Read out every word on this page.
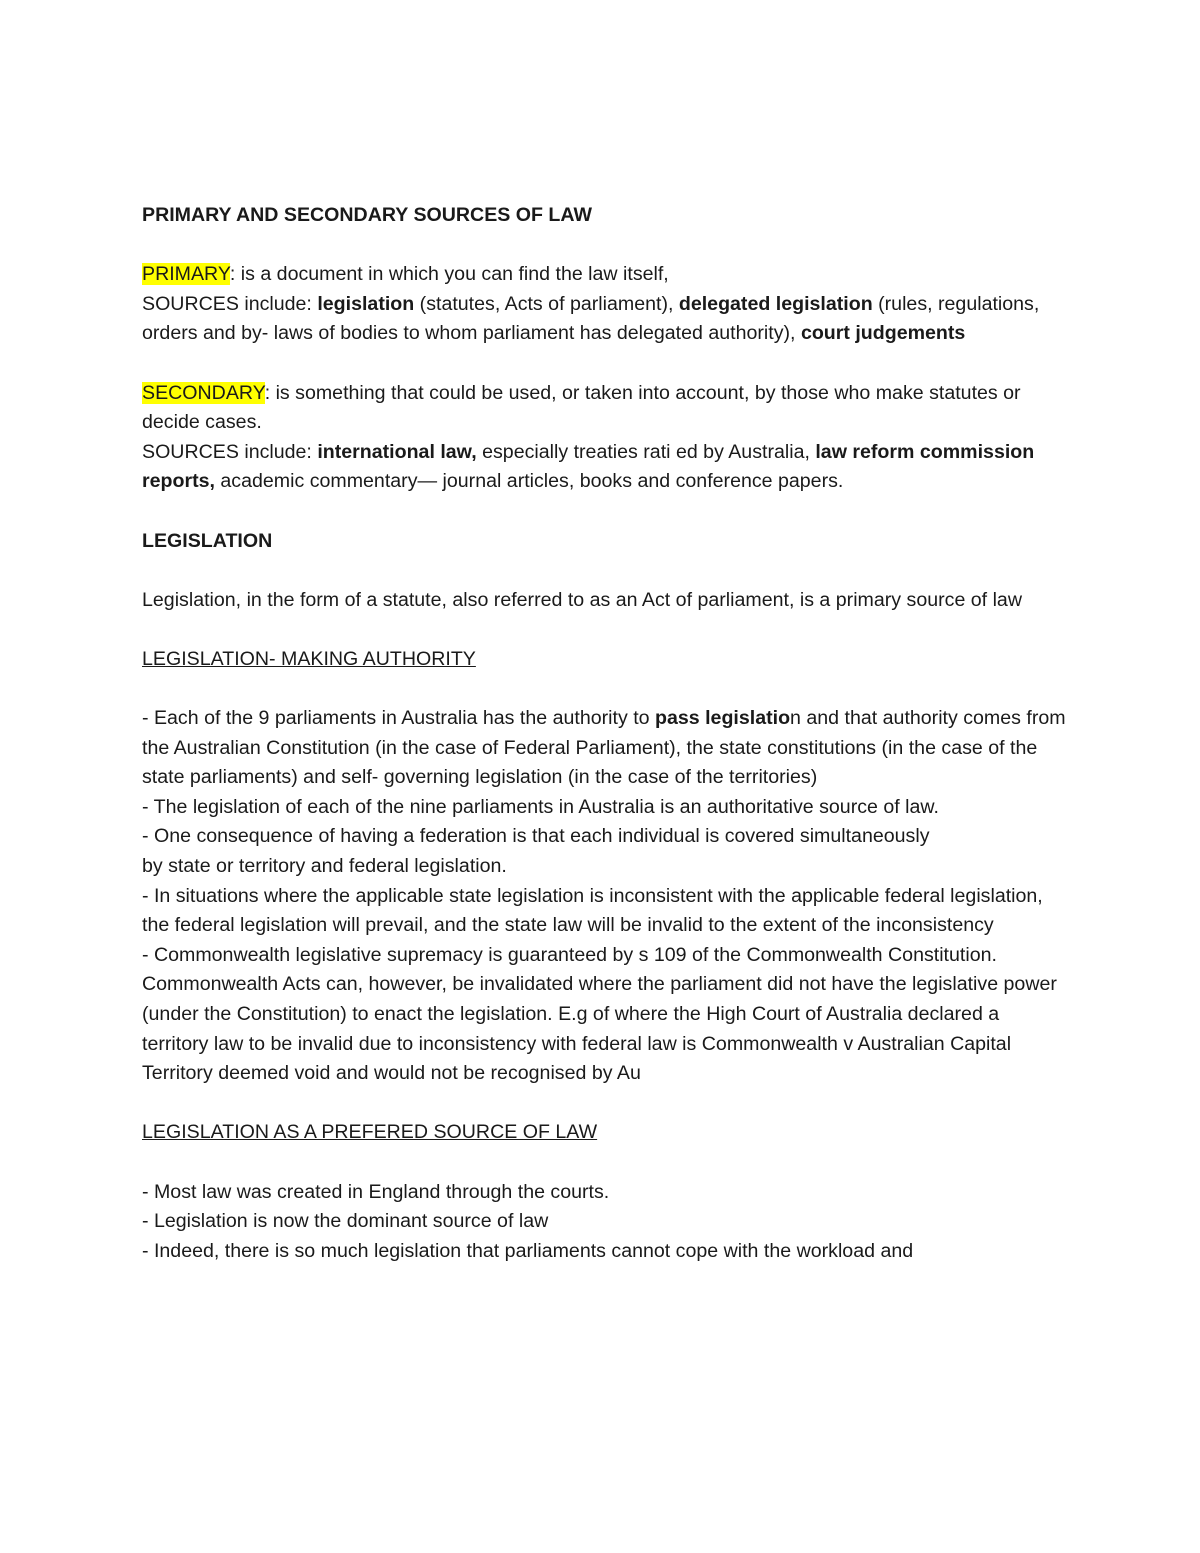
PRIMARY AND SECONDARY SOURCES OF LAW

PRIMARY: is a document in which you can find the law itself,

SOURCES include: legislation (statutes, Acts of parliament), delegated legislation (rules, regulations, orders and by- laws of bodies to whom parliament has delegated authority), court judgements

SECONDARY: is something that could be used, or taken into account, by those who make statutes or decide cases.

SOURCES include: international law, especially treaties rati ed by Australia, law reform commission reports, academic commentary— journal articles, books and conference papers.

LEGISLATION

Legislation, in the form of a statute, also referred to as an Act of parliament, is a primary source of law

LEGISLATION- MAKING AUTHORITY

- Each of the 9 parliaments in Australia has the authority to pass legislation and that authority comes from the Australian Constitution (in the case of Federal Parliament), the state constitutions (in the case of the state parliaments) and self- governing legislation (in the case of the territories)

- The legislation of each of the nine parliaments in Australia is an authoritative source of law.

- One consequence of having a federation is that each individual is covered simultaneously

by state or territory and federal legislation.

- In situations where the applicable state legislation is inconsistent with the applicable federal legislation, the federal legislation will prevail, and the state law will be invalid to the extent of the inconsistency

- Commonwealth legislative supremacy is guaranteed by s 109 of the Commonwealth Constitution. Commonwealth Acts can, however, be invalidated where the parliament did not have the legislative power (under the Constitution) to enact the legislation. E.g of where the High Court of Australia declared a territory law to be invalid due to inconsistency with federal law is Commonwealth v Australian Capital Territory deemed void and would not be recognised by Au

LEGISLATION AS A PREFERED SOURCE OF LAW

- Most law was created in England through the courts.

- Legislation is now the dominant source of law

- Indeed, there is so much legislation that parliaments cannot cope with the workload and
